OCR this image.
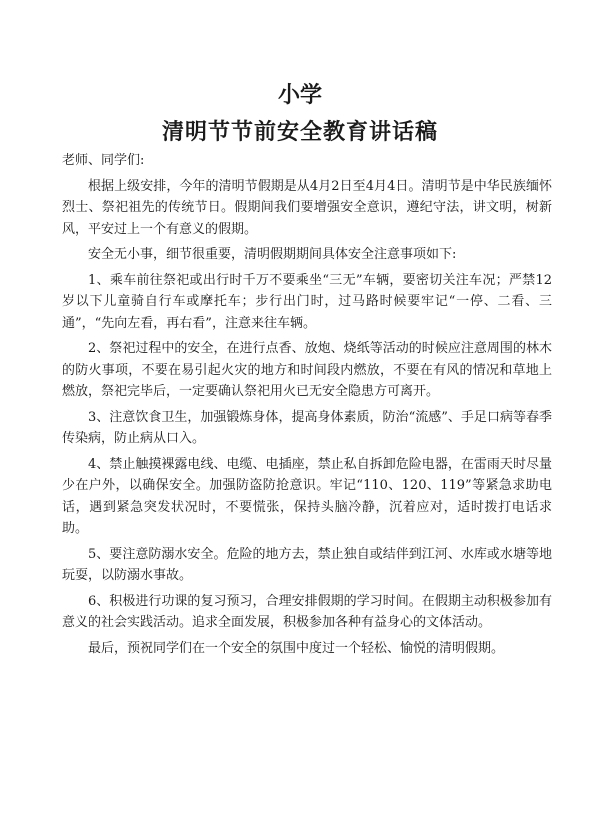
小学
清明节节前安全教育讲话稿

老师、同学们:

根据上级安排，今年的清明节假期是从4月2日至4月4日。清明节是中华民族缅怀烈士、祭祀祖先的传统节日。假期间我们要增强安全意识，遵纪守法，讲文明，树新风，平安过上一个有意义的假期。

安全无小事，细节很重要，清明假期期间具体安全注意事项如下:

1、乘车前往祭祀或出行时千万不要乘坐“三无”车辆，要密切关注车况；严禁12岁以下儿童骑自行车或摩托车；步行出门时，过马路时候要牢记“一停、二看、三通”，“先向左看，再右看”，注意来往车辆。

2、祭祀过程中的安全，在进行点香、放炮、烧纸等活动的时候应注意周围的林木的防火事项，不要在易引起火灾的地方和时间段内燃放，不要在有风的情况和草地上燃放，祭祀完毕后，一定要确认祭祀用火已无安全隐患方可离开。

3、注意饮食卫生，加强锻炼身体，提高身体素质，防治“流感”、手足口病等春季传染病，防止病从口入。

4、禁止触摸裸露电线、电缆、电插座，禁止私自拆卸危险电器，在雷雨天时尽量少在户外，以确保安全。加强防盗防抢意识。牢记“110、120、119”等紧急求助电话，遇到紧急突发状况时，不要慌张，保持头脑冷静，沉着应对，适时拨打电话求助。

5、要注意防溺水安全。危险的地方去，禁止独自或结伴到江河、水库或水塘等地玩耍，以防溺水事故。

6、积极进行功课的复习预习，合理安排假期的学习时间。在假期主动积极参加有意义的社会实践活动。追求全面发展，积极参加各种有益身心的文体活动。

最后，预祝同学们在一个安全的氛围中度过一个轻松、愉悦的清明假期。
